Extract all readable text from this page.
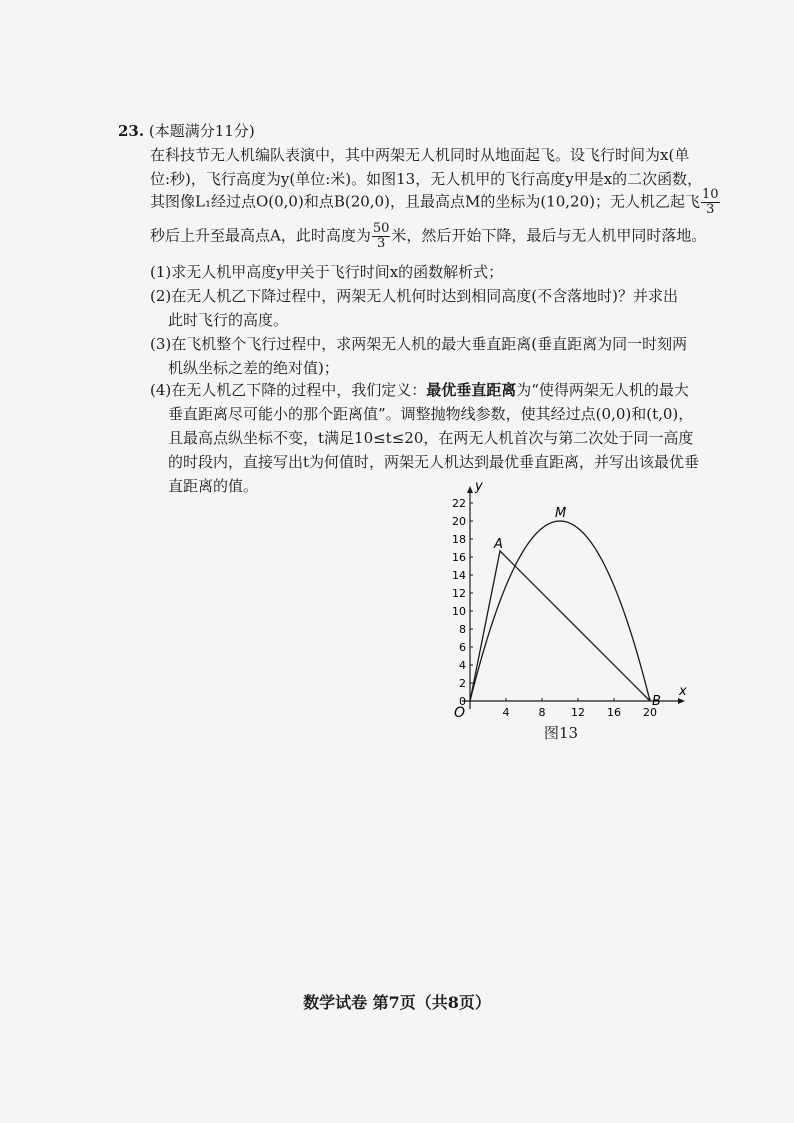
23. (本题满分11分)
在科技节无人机编队表演中，其中两架无人机同时从地面起飞。设飞行时间为x(单
位:秒)，飞行高度为y(单位:米)。如图13，无人机甲的飞行高度y甲是x的二次函数，
其图像L₁经过点O(0,0)和点B(20,0)，且最高点M的坐标为(10,20)；无人机乙起飞 $\frac{10}{3}$
秒后上升至最高点A，此时高度为 $\frac{50}{3}$ 米，然后开始下降，最后与无人机甲同时落地。
(1)求无人机甲高度y甲关于飞行时间x的函数解析式；
(2)在无人机乙下降过程中，两架无人机何时达到相同高度(不含落地时)？并求出
此时飞行的高度。
(3)在飞机整个飞行过程中，求两架无人机的最大垂直距离(垂直距离为同一时刻两
机纵坐标之差的绝对值)；
(4)在无人机乙下降的过程中，我们定义：最优垂直距离为“使得两架无人机的最大
垂直距离尽可能小的那个距离值”。调整抛物线参数，使其经过点(0,0)和(t,0)，
且最高点纵坐标不变，t满足10≤t≤20，在两无人机首次与第二次处于同一高度
的时段内，直接写出t为何值时，两架无人机达到最优垂直距离，并写出该最优垂
直距离的值。
x
y
4	8 12 16 20
0
2
4
6
8
10
12
14
16
18
20
22
O
A
M
B
图13
数学试卷 第7页（共8页）
